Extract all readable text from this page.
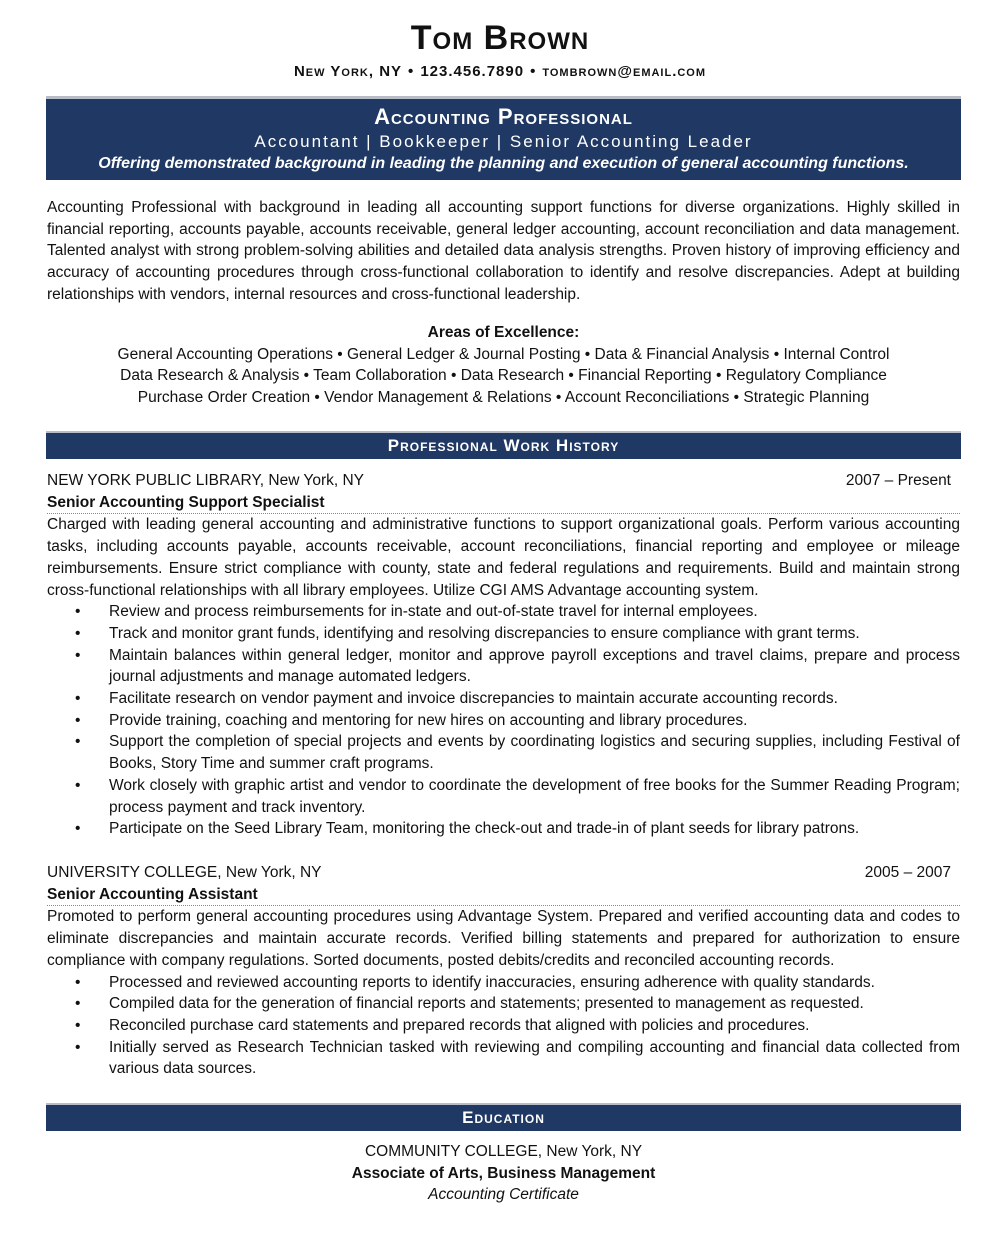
Tom Brown
New York, NY • 123.456.7890 • tombrown@email.com
Accounting Professional
Accountant | Bookkeeper | Senior Accounting Leader
Offering demonstrated background in leading the planning and execution of general accounting functions.
Accounting Professional with background in leading all accounting support functions for diverse organizations. Highly skilled in financial reporting, accounts payable, accounts receivable, general ledger accounting, account reconciliation and data management. Talented analyst with strong problem-solving abilities and detailed data analysis strengths. Proven history of improving efficiency and accuracy of accounting procedures through cross-functional collaboration to identify and resolve discrepancies. Adept at building relationships with vendors, internal resources and cross-functional leadership.
Areas of Excellence:
General Accounting Operations • General Ledger & Journal Posting • Data & Financial Analysis • Internal Control
Data Research & Analysis • Team Collaboration • Data Research • Financial Reporting • Regulatory Compliance
Purchase Order Creation • Vendor Management & Relations • Account Reconciliations • Strategic Planning
Professional Work History
NEW YORK PUBLIC LIBRARY, New York, NY	2007 – Present
Senior Accounting Support Specialist
Charged with leading general accounting and administrative functions to support organizational goals. Perform various accounting tasks, including accounts payable, accounts receivable, account reconciliations, financial reporting and employee or mileage reimbursements. Ensure strict compliance with county, state and federal regulations and requirements. Build and maintain strong cross-functional relationships with all library employees. Utilize CGI AMS Advantage accounting system.
• Review and process reimbursements for in-state and out-of-state travel for internal employees.
• Track and monitor grant funds, identifying and resolving discrepancies to ensure compliance with grant terms.
• Maintain balances within general ledger, monitor and approve payroll exceptions and travel claims, prepare and process journal adjustments and manage automated ledgers.
• Facilitate research on vendor payment and invoice discrepancies to maintain accurate accounting records.
• Provide training, coaching and mentoring for new hires on accounting and library procedures.
• Support the completion of special projects and events by coordinating logistics and securing supplies, including Festival of Books, Story Time and summer craft programs.
• Work closely with graphic artist and vendor to coordinate the development of free books for the Summer Reading Program; process payment and track inventory.
• Participate on the Seed Library Team, monitoring the check-out and trade-in of plant seeds for library patrons.
UNIVERSITY COLLEGE, New York, NY	2005 – 2007
Senior Accounting Assistant
Promoted to perform general accounting procedures using Advantage System. Prepared and verified accounting data and codes to eliminate discrepancies and maintain accurate records. Verified billing statements and prepared for authorization to ensure compliance with company regulations. Sorted documents, posted debits/credits and reconciled accounting records.
• Processed and reviewed accounting reports to identify inaccuracies, ensuring adherence with quality standards.
• Compiled data for the generation of financial reports and statements; presented to management as requested.
• Reconciled purchase card statements and prepared records that aligned with policies and procedures.
• Initially served as Research Technician tasked with reviewing and compiling accounting and financial data collected from various data sources.
Education
COMMUNITY COLLEGE, New York, NY
Associate of Arts, Business Management
Accounting Certificate
